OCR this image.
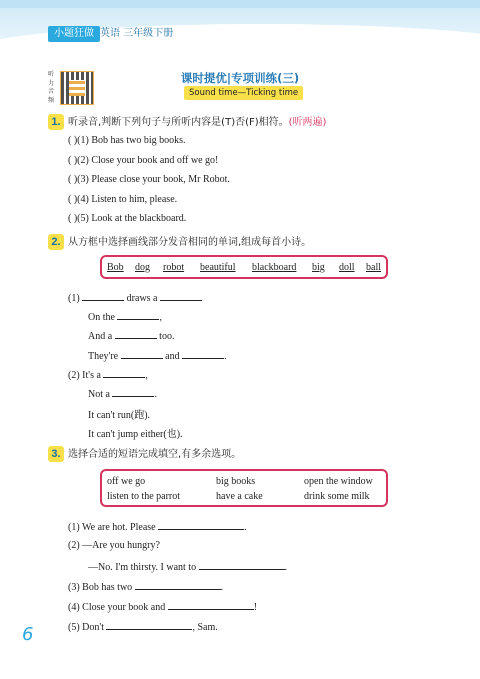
小题狂做 英语 三年级下册
听力音频
课时提优|专项训练(三)
Sound time—Ticking time
1. 听录音,判断下列句子与所听内容是(T)否(F)相符。(听两遍)
( )(1) Bob has two big books.
( )(2) Close your book and off we go!
( )(3) Please close your book, Mr Robot.
( )(4) Listen to him, please.
( )(5) Look at the blackboard.
2. 从方框中选择画线部分发音相同的单词,组成每首小诗。
Bob dog robot beautiful blackboard big doll ball
(1)	draws a
On the	,
And a	too.
They're	and	.
(2) It's a	,
Not a	.
It can't run(跑).
It can't jump either(也).
3. 选择合适的短语完成填空,有多余选项。
off we go	big books	open the window
listen to the parrot	have a cake	drink some milk
(1) We are hot. Please	.
(2) —Are you hungry?
—No. I'm thirsty. I want to	.
(3) Bob has two	.
(4) Close your book and	!
(5) Don't	, Sam.
6
